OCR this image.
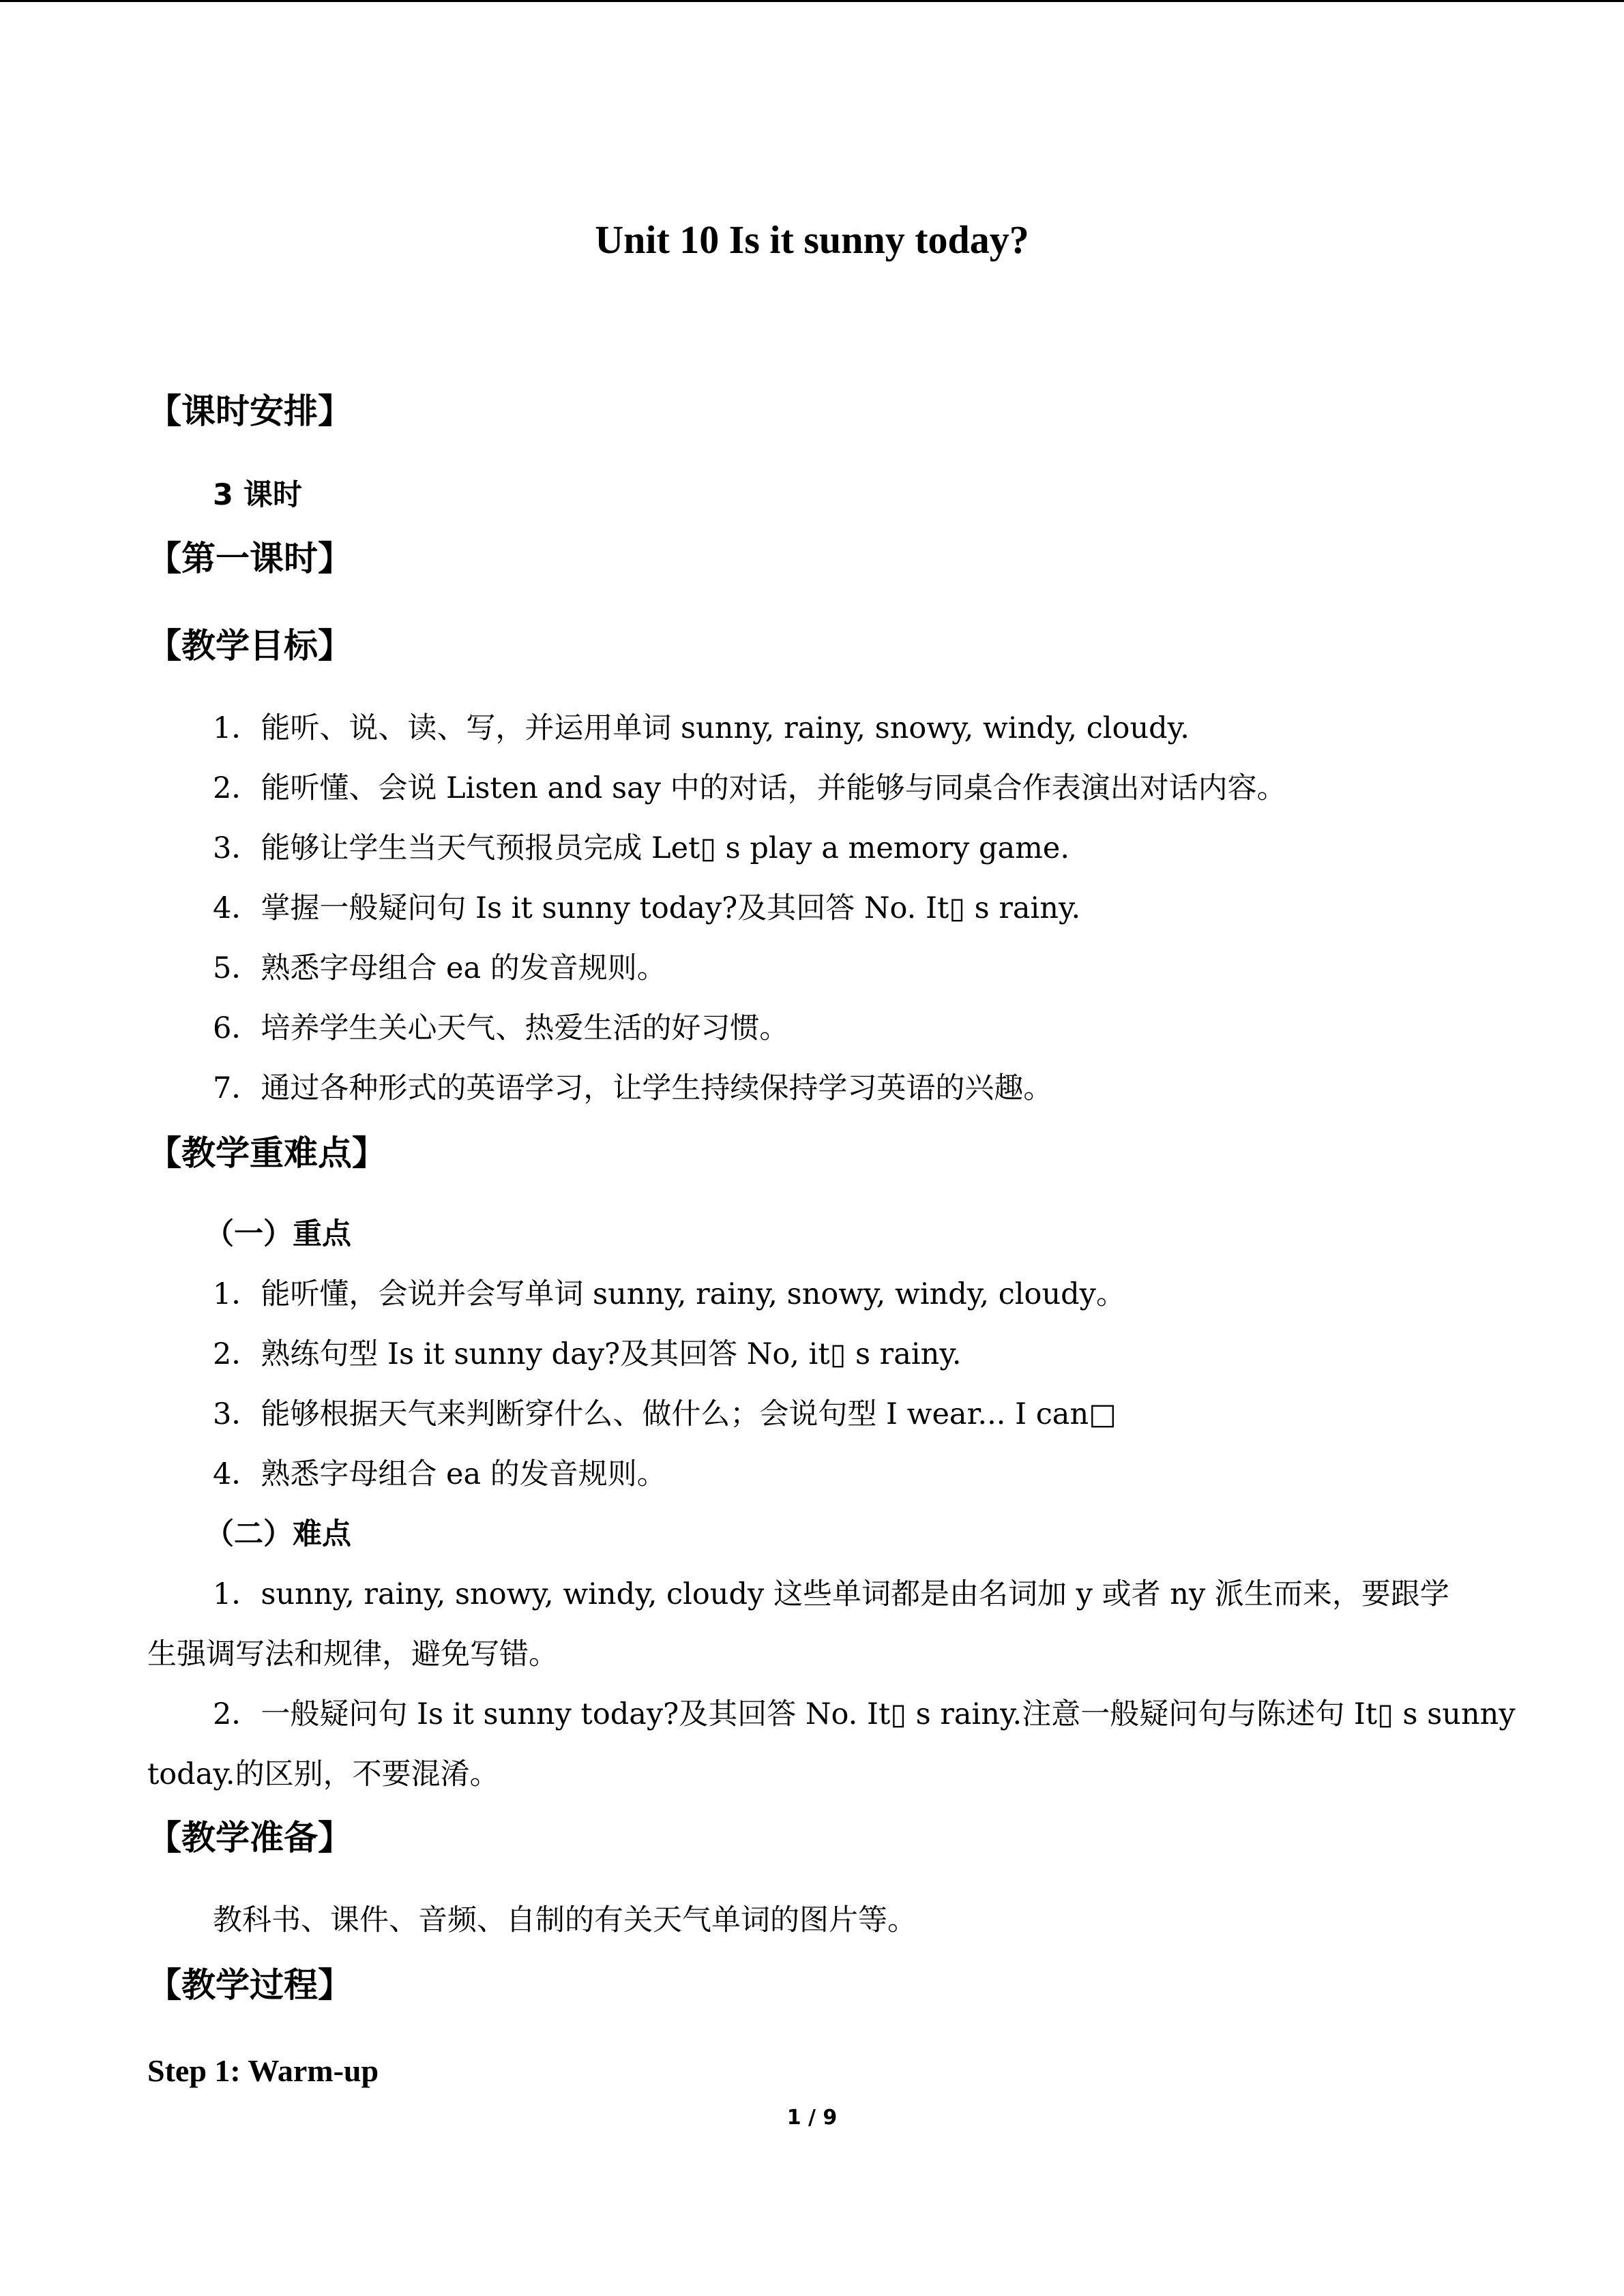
Unit 10 Is it sunny today?
【课时安排】
3 课时
【第一课时】
【教学目标】
1．能听、说、读、写，并运用单词 sunny, rainy, snowy, windy, cloudy.
2．能听懂、会说 Listen and say 中的对话，并能够与同桌合作表演出对话内容。
3．能够让学生当天气预报员完成 Let▯ s play a memory game.
4．掌握一般疑问句 Is it sunny today?及其回答 No. It▯ s rainy.
5．熟悉字母组合 ea 的发音规则。
6．培养学生关心天气、热爱生活的好习惯。
7．通过各种形式的英语学习，让学生持续保持学习英语的兴趣。
【教学重难点】
（一）重点
1．能听懂，会说并会写单词 sunny, rainy, snowy, windy, cloudy。
2．熟练句型 Is it sunny day?及其回答 No, it▯ s rainy.
3．能够根据天气来判断穿什么、做什么；会说句型 I wear... I can□
4．熟悉字母组合 ea 的发音规则。
（二）难点
1．sunny, rainy, snowy, windy, cloudy 这些单词都是由名词加 y 或者 ny 派生而来，要跟学
生强调写法和规律，避免写错。
2．一般疑问句 Is it sunny today?及其回答 No. It▯ s rainy.注意一般疑问句与陈述句 It▯ s sunny
today.的区别，不要混淆。
【教学准备】
教科书、课件、音频、自制的有关天气单词的图片等。
【教学过程】
Step 1: Warm-up
1 / 9
